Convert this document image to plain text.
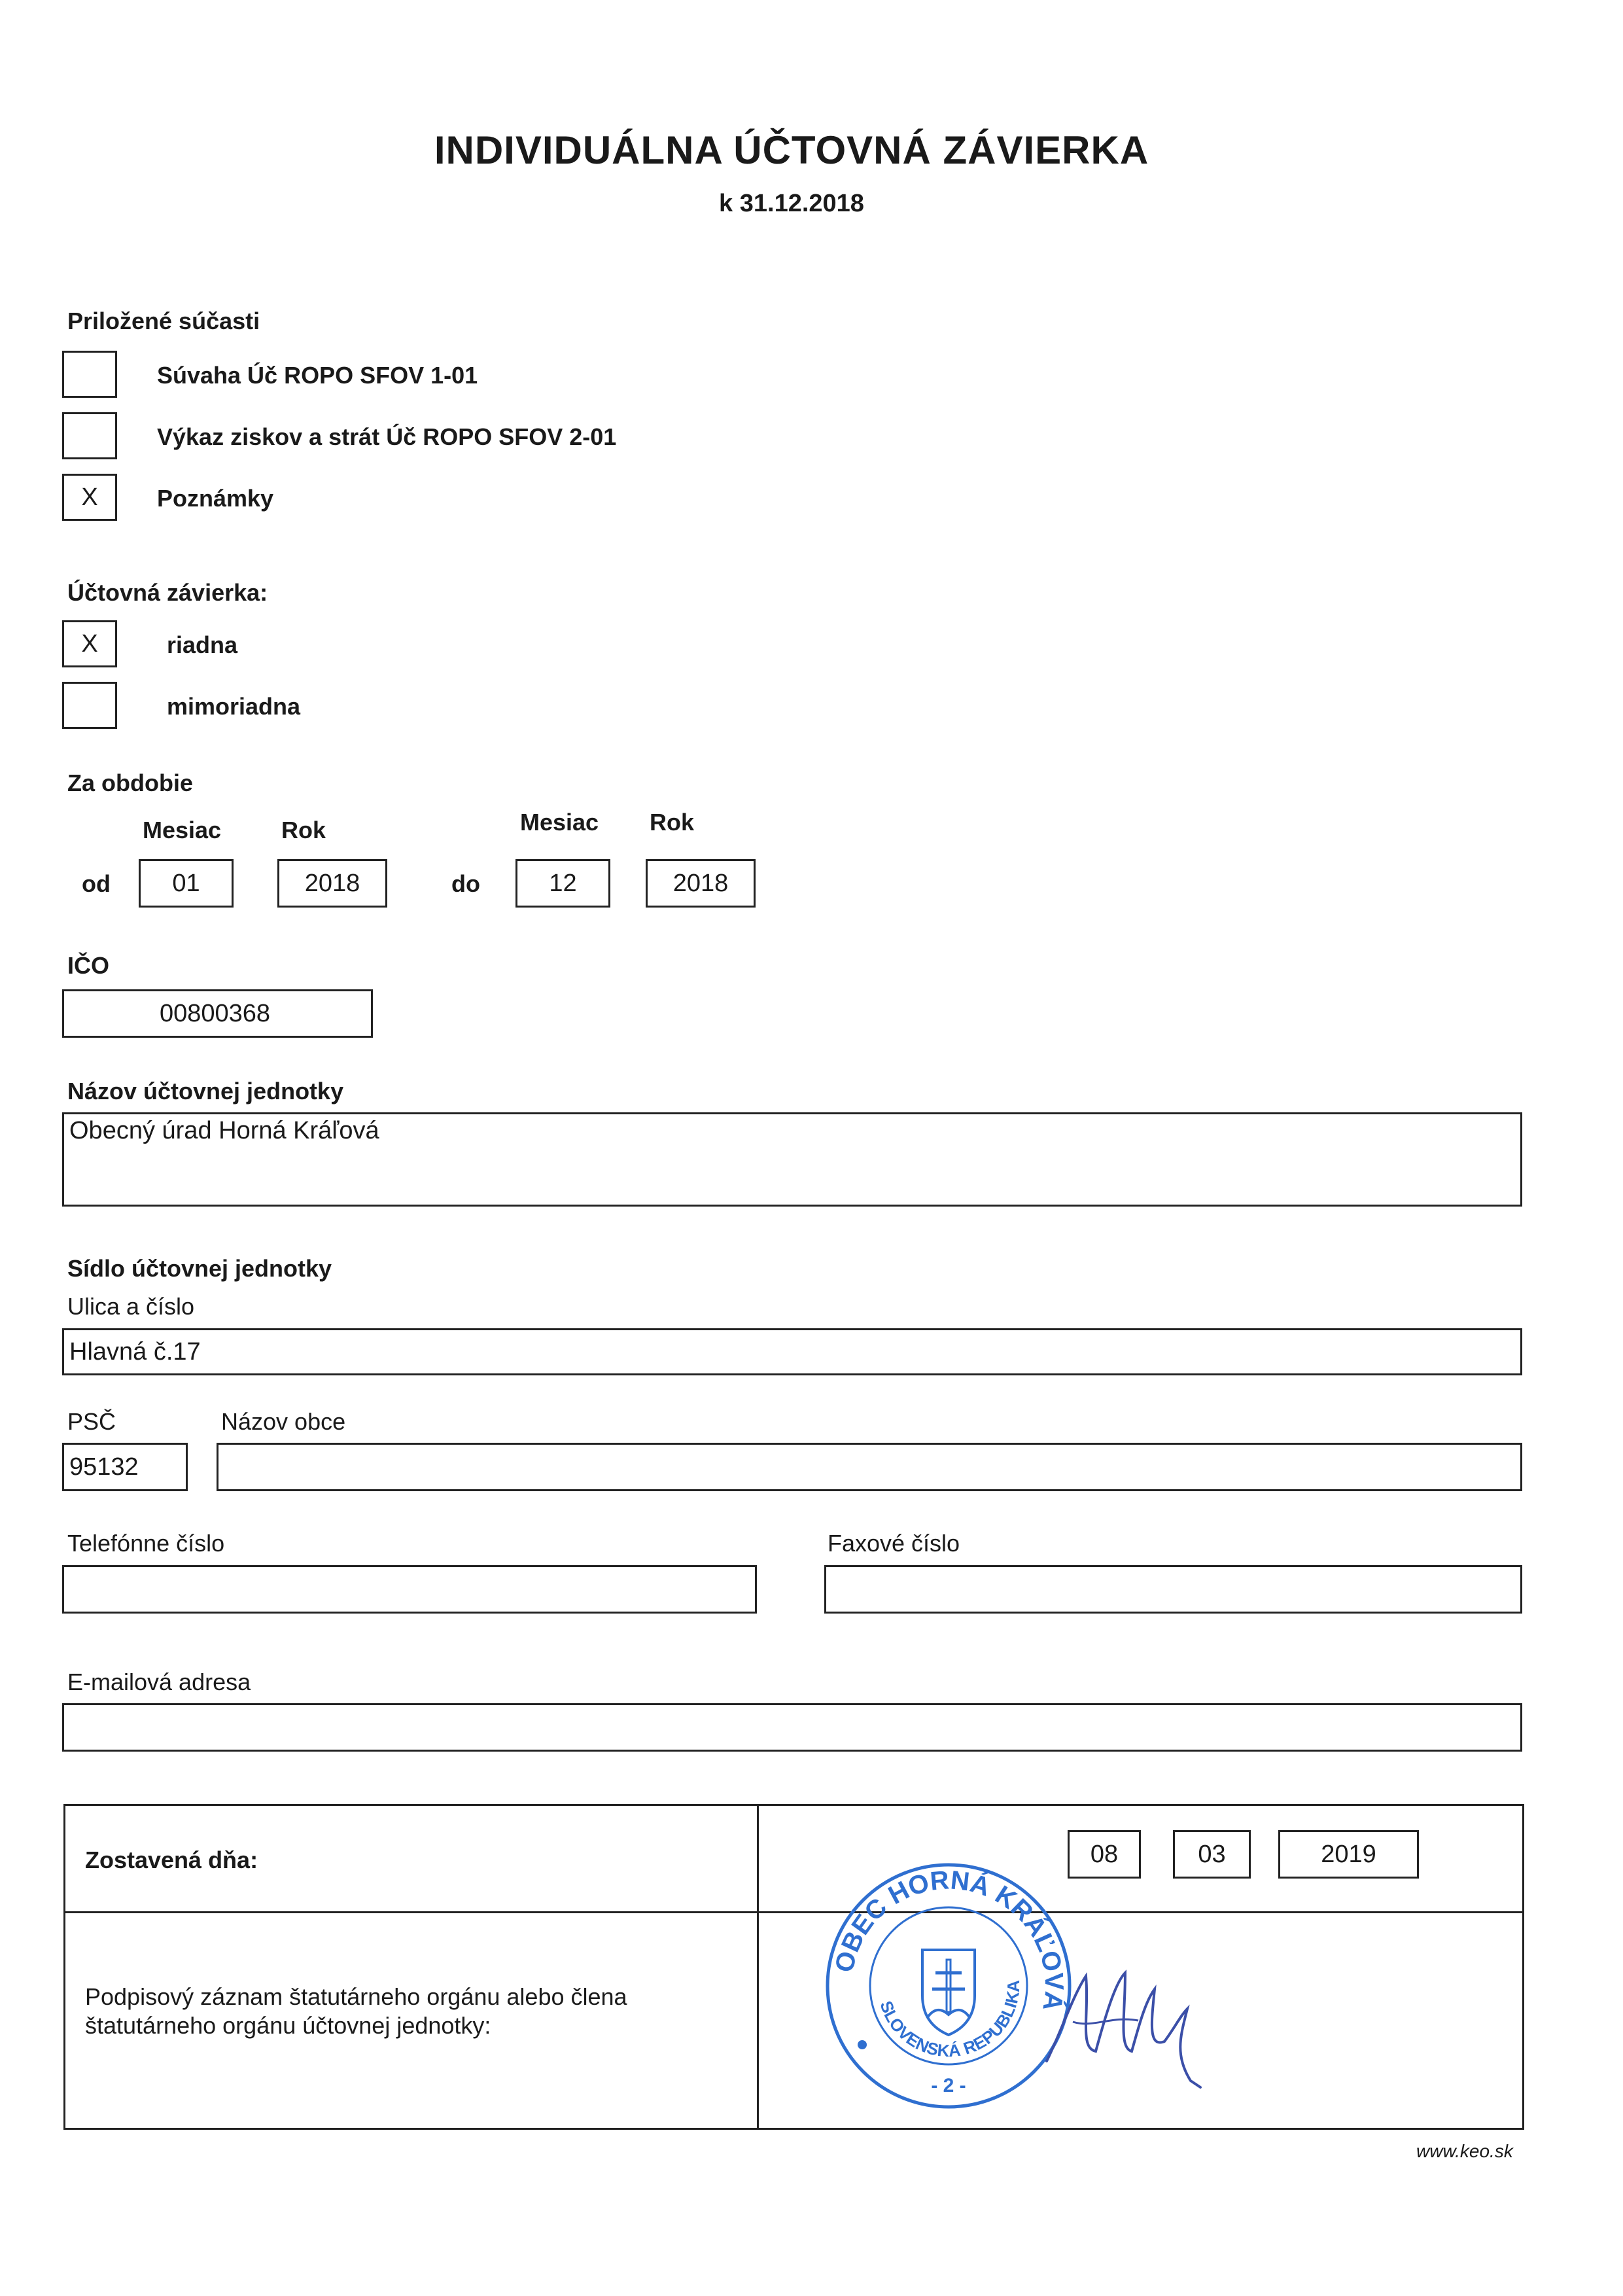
INDIVIDUÁLNA ÚČTOVNÁ ZÁVIERKA
k 31.12.2018
Priložené súčasti
Súvaha Úč ROPO SFOV 1-01
Výkaz ziskov a strát Úč ROPO SFOV 2-01
X	Poznámky
Účtovná závierka:
X	riadna
mimoriadna
Za obdobie
Mesiac	Rok	Mesiac Rok
od	01	2018	do	12	2018
IČO
00800368
Názov účtovnej jednotky
Obecný úrad Horná Kráľová
Sídlo účtovnej jednotky
Ulica a číslo
Hlavná č.17
PSČ	Názov obce
95132
Telefónne číslo	Faxové číslo
E-mailová adresa
Zostavená dňa:	08	03	2019
Podpisový záznam štatutárneho orgánu alebo člena
štatutárneho orgánu účtovnej jednotky:
OBEC HORNÁ KRÁĽOVÁ
SLOVENSKÁ REPUBLIKA
- 2 -
www.keo.sk
